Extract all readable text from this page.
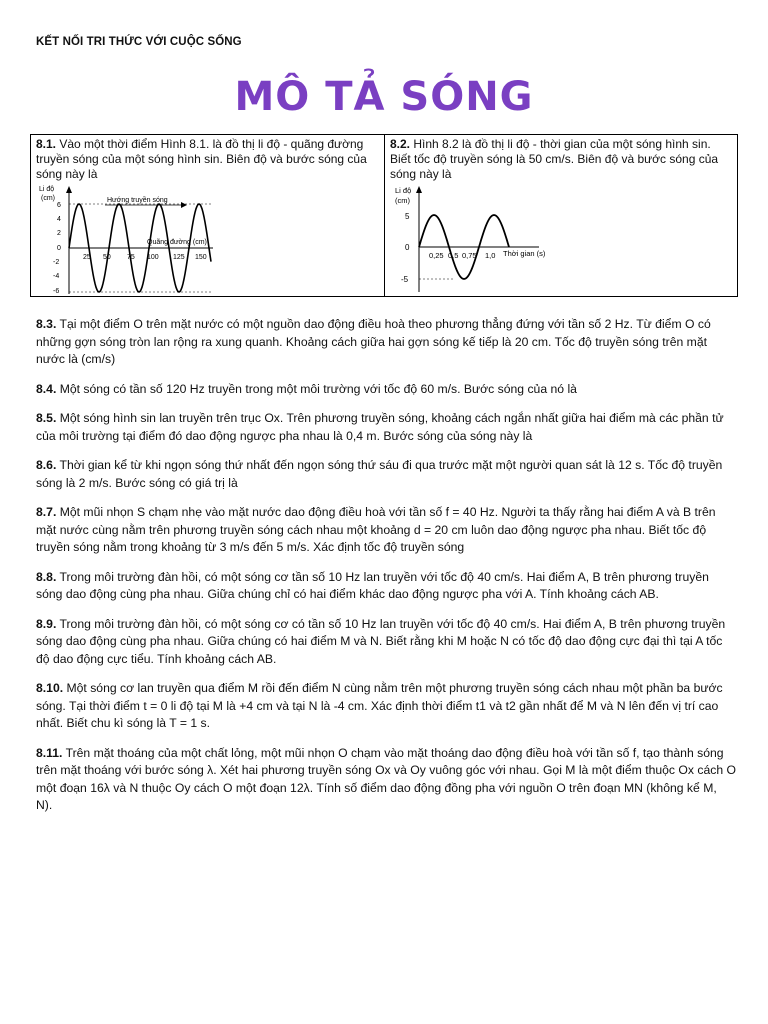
KẾT NỐI TRI THỨC VỚI CUỘC SỐNG
MÔ TẢ SÓNG
8.1. Vào một thời điểm Hình 8.1. là đồ thị li độ - quãng đường truyền sóng của một sóng hình sin. Biên độ và bước sóng của sóng này là
Li độ
(cm)
6
4
2
0
-2
-4
-6
Hướng truyền sóng
Quãng đường (cm)
25 50 75 100 125 150
8.2. Hình 8.2 là đồ thị li độ - thời gian của một sóng hình sin. Biết tốc độ truyền sóng là 50 cm/s. Biên độ và bước sóng của sóng này là
Li độ
(cm)
5
0
-5
0,25 0,5 0,75 1,0 Thời gian (s)
8.3. Tại một điểm O trên mặt nước có một nguồn dao động điều hoà theo phương thẳng đứng với tần số 2 Hz. Từ điểm O có những gợn sóng tròn lan rộng ra xung quanh. Khoảng cách giữa hai gợn sóng kế tiếp là 20 cm. Tốc độ truyền sóng trên mặt nước là (cm/s)
8.4. Một sóng có tần số 120 Hz truyền trong một môi trường với tốc độ 60 m/s. Bước sóng của nó là
8.5. Một sóng hình sin lan truyền trên trục Ox. Trên phương truyền sóng, khoảng cách ngắn nhất giữa hai điểm mà các phần tử của môi trường tại điểm đó dao động ngược pha nhau là 0,4 m. Bước sóng của sóng này là
8.6. Thời gian kể từ khi ngọn sóng thứ nhất đến ngọn sóng thứ sáu đi qua trước mặt một người quan sát là 12 s. Tốc độ truyền sóng là 2 m/s. Bước sóng có giá trị là
8.7. Một mũi nhọn S chạm nhẹ vào mặt nước dao động điều hoà với tần số f = 40 Hz. Người ta thấy rằng hai điểm A và B trên mặt nước cùng nằm trên phương truyền sóng cách nhau một khoảng d = 20 cm luôn dao động ngược pha nhau. Biết tốc độ truyền sóng nằm trong khoảng từ 3 m/s đến 5 m/s. Xác định tốc độ truyền sóng
8.8. Trong môi trường đàn hồi, có một sóng cơ tần số 10 Hz lan truyền với tốc độ 40 cm/s. Hai điểm A, B trên phương truyền sóng dao động cùng pha nhau. Giữa chúng chỉ có hai điểm khác dao động ngược pha với A. Tính khoảng cách AB.
8.9. Trong môi trường đàn hồi, có một sóng cơ có tần số 10 Hz lan truyền với tốc độ 40 cm/s. Hai điểm A, B trên phương truyền sóng dao động cùng pha nhau. Giữa chúng có hai điểm M và N. Biết rằng khi M hoặc N có tốc độ dao động cực đại thì tại A tốc độ dao động cực tiểu. Tính khoảng cách AB.
8.10. Một sóng cơ lan truyền qua điểm M rồi đến điểm N cùng nằm trên một phương truyền sóng cách nhau một phần ba bước sóng. Tại thời điểm t = 0 li độ tại M là +4 cm và tại N là -4 cm. Xác định thời điểm t1 và t2 gần nhất để M và N lên đến vị trí cao nhất. Biết chu kì sóng là T = 1 s.
8.11. Trên mặt thoáng của một chất lỏng, một mũi nhọn O chạm vào mặt thoáng dao động điều hoà với tần số f, tạo thành sóng trên mặt thoáng với bước sóng λ. Xét hai phương truyền sóng Ox và Oy vuông góc với nhau. Gọi M là một điểm thuộc Ox cách O một đoạn 16λ và N thuộc Oy cách O một đoạn 12λ. Tính số điểm dao động đồng pha với nguồn O trên đoạn MN (không kể M, N).
